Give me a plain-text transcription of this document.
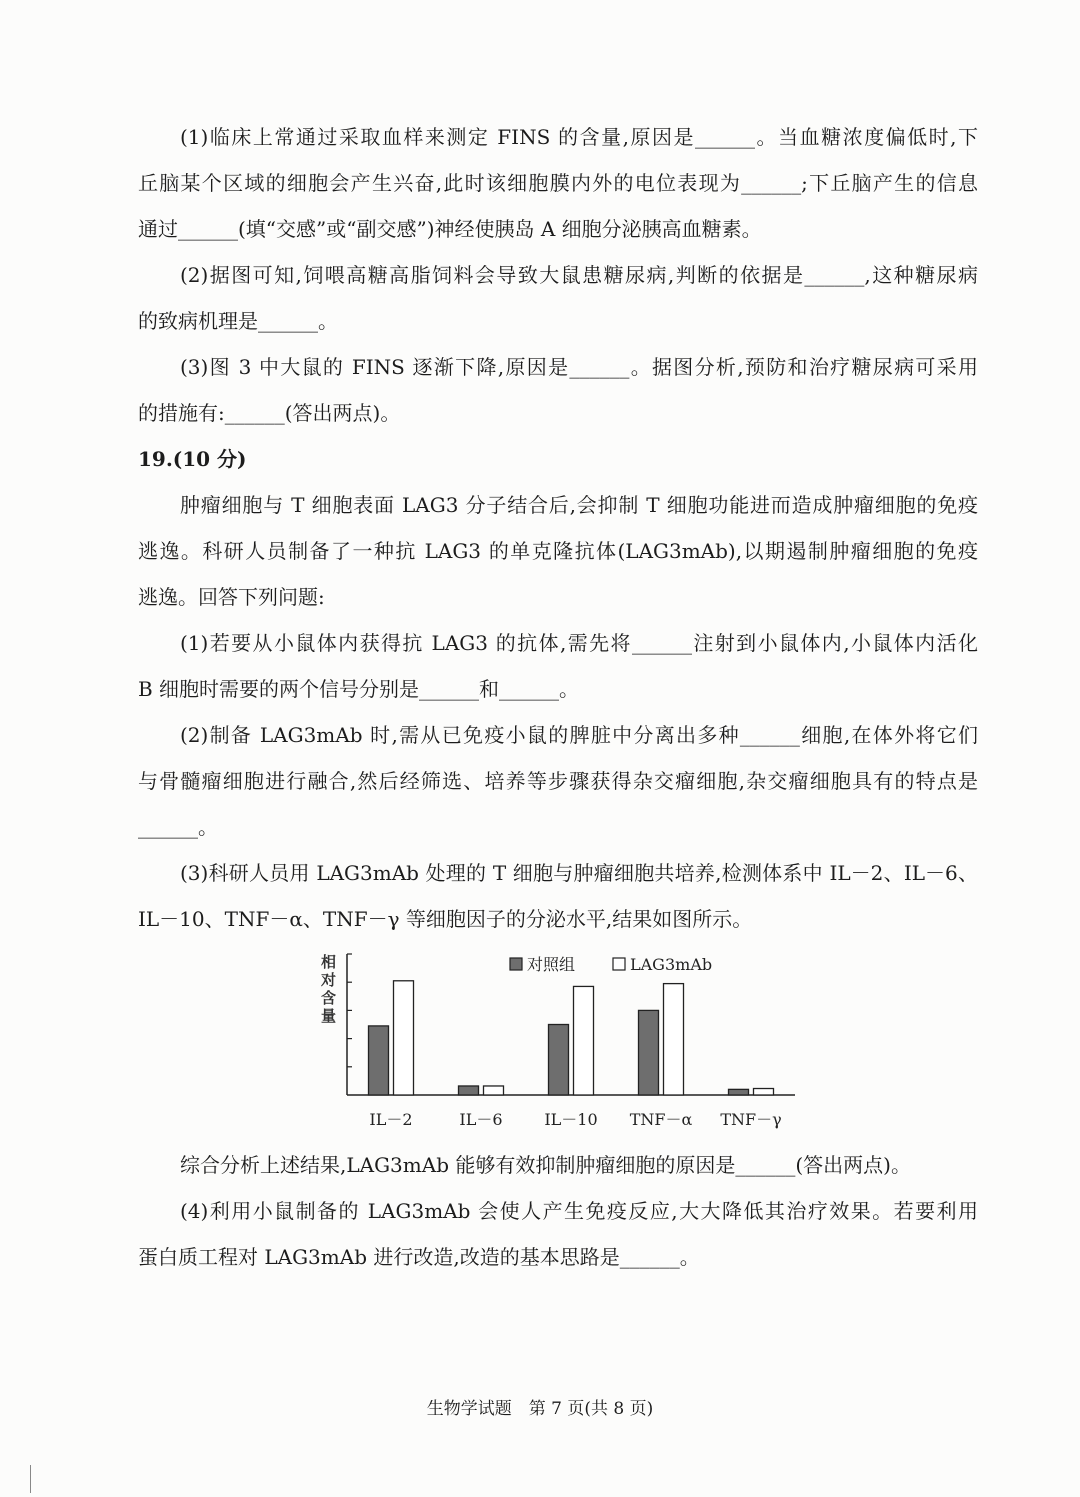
(1)临床上常通过采取血样来测定 FINS 的含量,原因是______。当血糖浓度偏低时,下
丘脑某个区域的细胞会产生兴奋,此时该细胞膜内外的电位表现为______;下丘脑产生的信息
通过______(填“交感”或“副交感”)神经使胰岛 A 细胞分泌胰高血糖素。
(2)据图可知,饲喂高糖高脂饲料会导致大鼠患糖尿病,判断的依据是______,这种糖尿病
的致病机理是______。
(3)图 3 中大鼠的 FINS 逐渐下降,原因是______。据图分析,预防和治疗糖尿病可采用
的措施有:______(答出两点)。
19.(10 分)
肿瘤细胞与 T 细胞表面 LAG3 分子结合后,会抑制 T 细胞功能进而造成肿瘤细胞的免疫
逃逸。科研人员制备了一种抗 LAG3 的单克隆抗体(LAG3mAb),以期遏制肿瘤细胞的免疫
逃逸。回答下列问题:
(1)若要从小鼠体内获得抗 LAG3 的抗体,需先将______注射到小鼠体内,小鼠体内活化
B 细胞时需要的两个信号分别是______和______。
(2)制备 LAG3mAb 时,需从已免疫小鼠的脾脏中分离出多种______细胞,在体外将它们
与骨髓瘤细胞进行融合,然后经筛选、培养等步骤获得杂交瘤细胞,杂交瘤细胞具有的特点是
______。
(3)科研人员用 LAG3mAb 处理的 T 细胞与肿瘤细胞共培养,检测体系中 IL－2、IL－6、
IL－10、TNF－α、TNF－γ 等细胞因子的分泌水平,结果如图所示。
IL－2	IL－6	IL－10 TNF－α TNF－γ
对照组	LAG3mAb
相对含量
综合分析上述结果,LAG3mAb 能够有效抑制肿瘤细胞的原因是______(答出两点)。
(4)利用小鼠制备的 LAG3mAb 会使人产生免疫反应,大大降低其治疗效果。若要利用
蛋白质工程对 LAG3mAb 进行改造,改造的基本思路是______。
生物学试题　第 7 页(共 8 页)
